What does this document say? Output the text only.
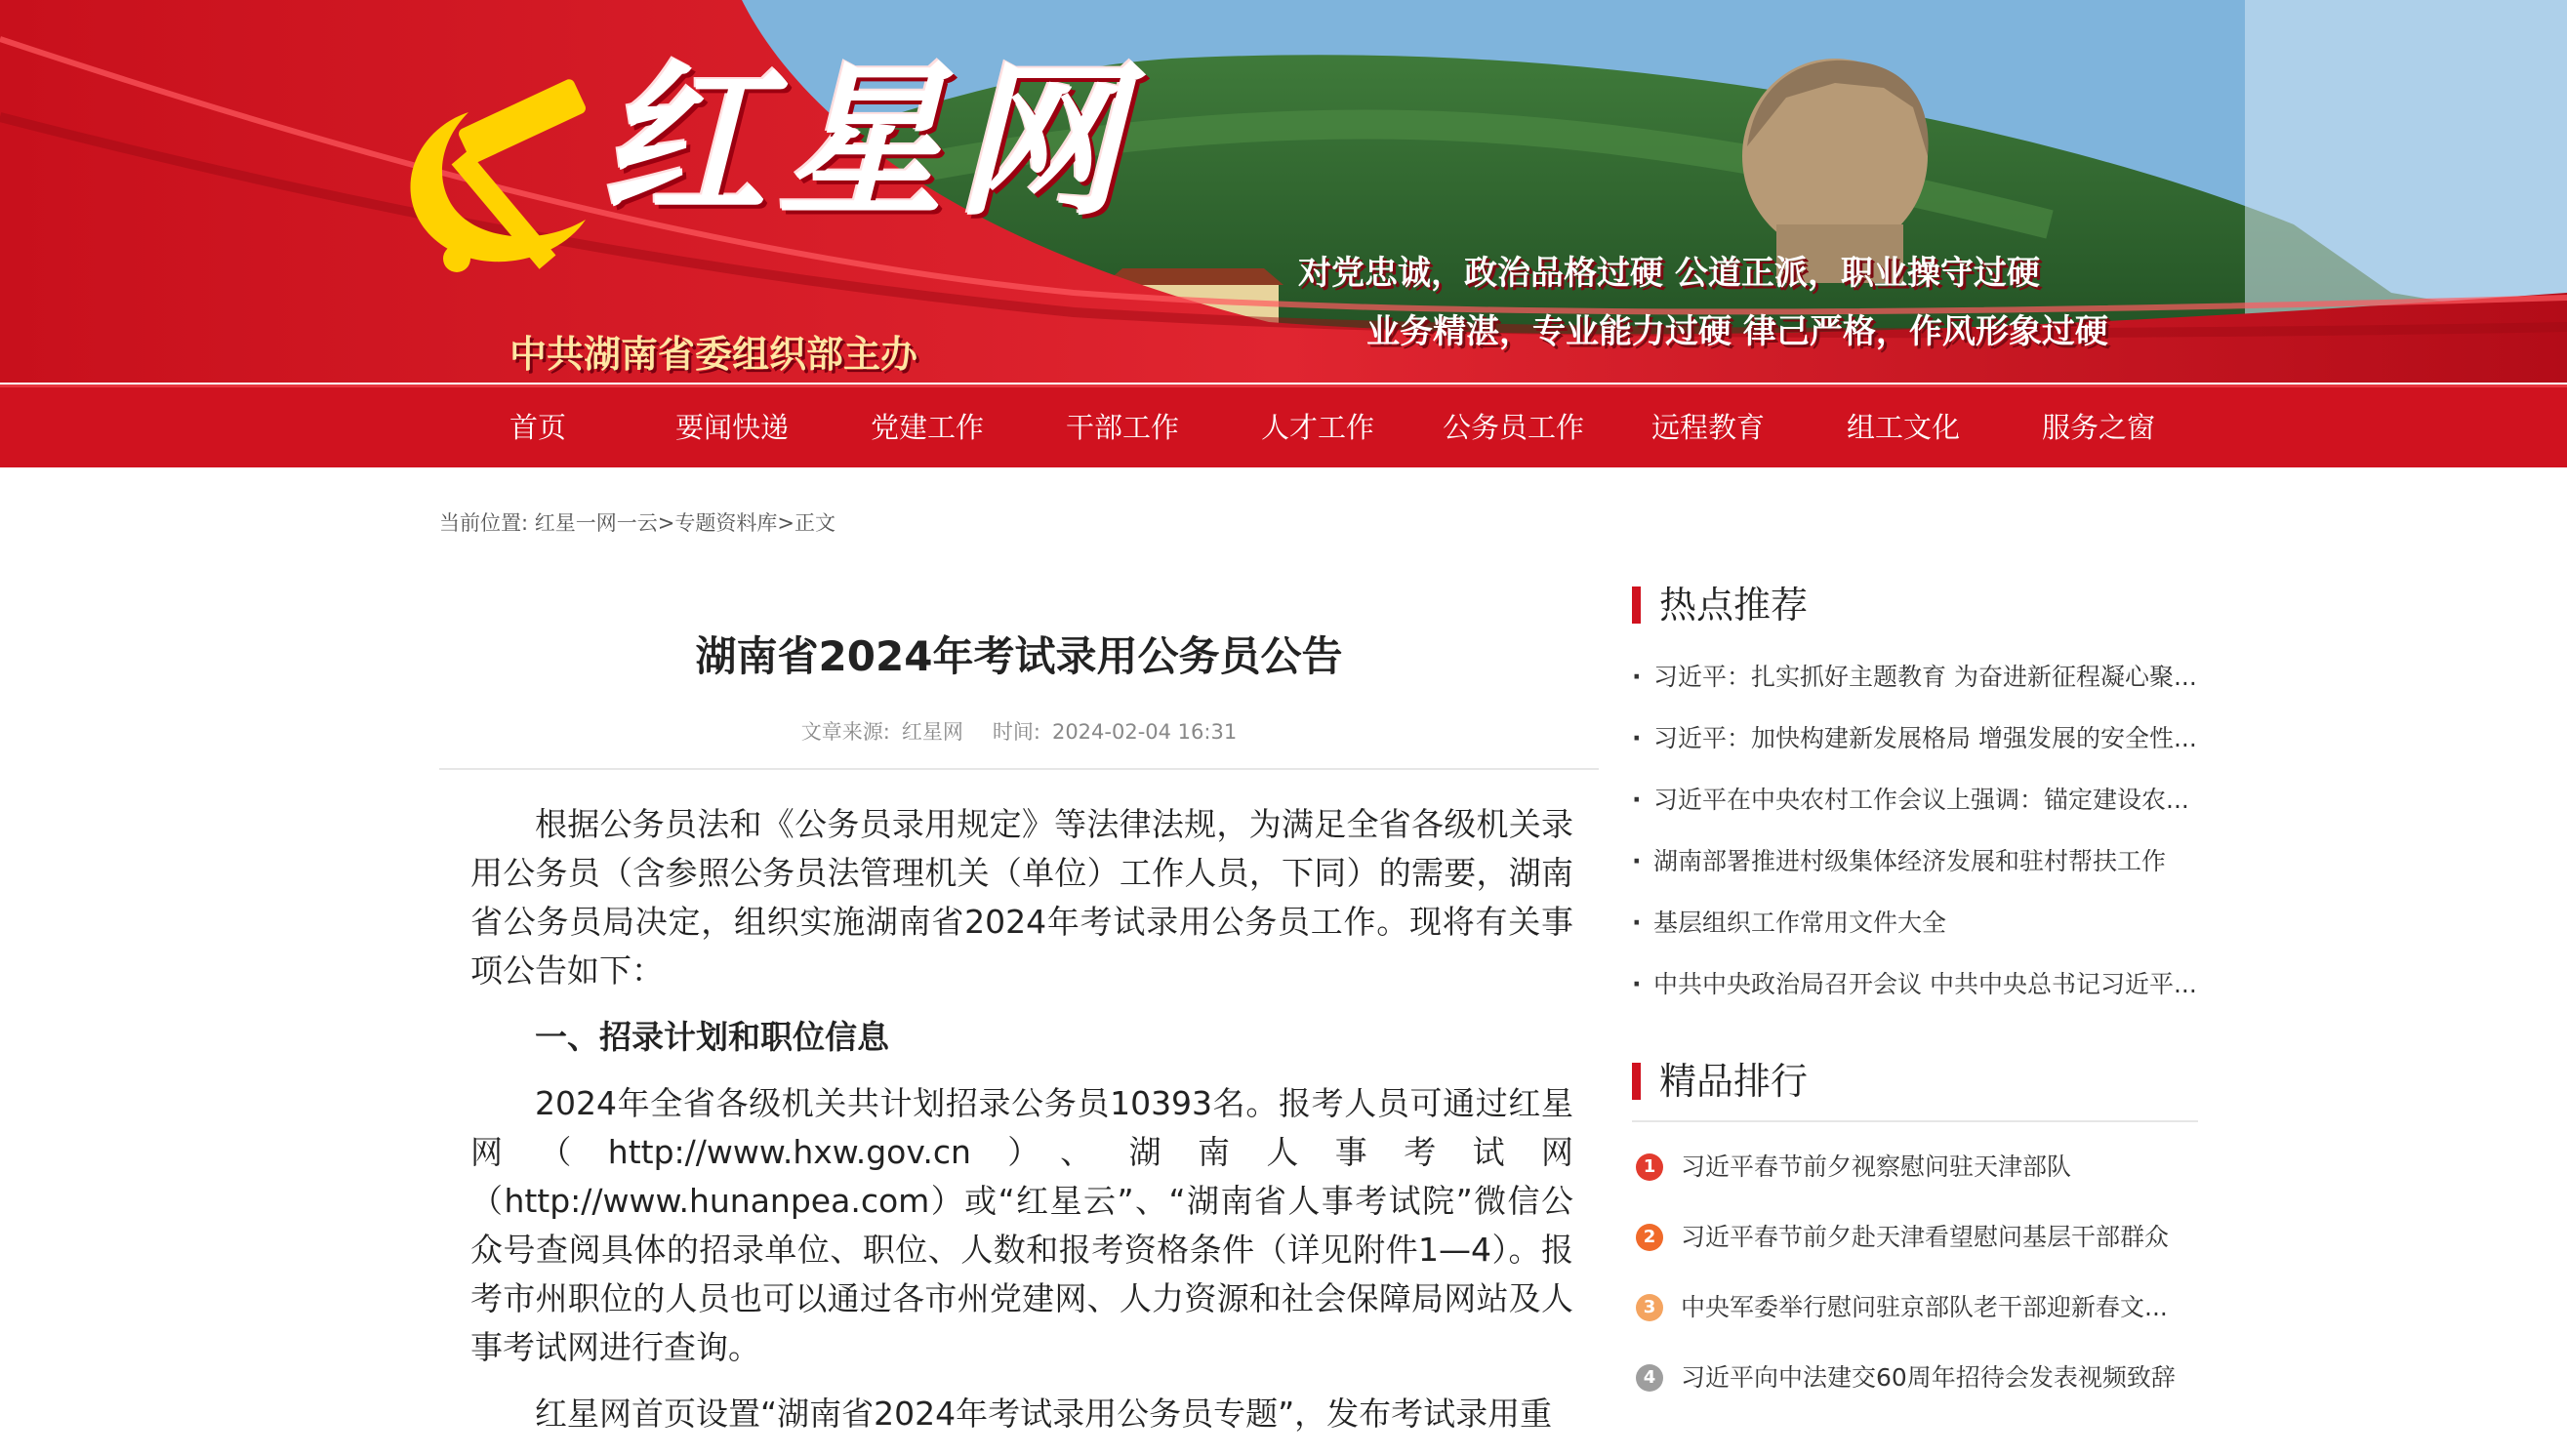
红星网
中共湖南省委组织部主办
对党忠诚，政治品格过硬 公道正派，职业操守过硬
业务精湛，专业能力过硬 律己严格，作风形象过硬
首页	要闻快递	党建工作	干部工作	人才工作 公务员工作 远程教育	组工文化	服务之窗
当前位置: 红星一网一云>专题资料库>正文
湖南省2024年考试录用公务员公告
文章来源: 红星网 时间: 2024-02-04 16:31

根据公务员法和《公务员录用规定》等法律法规，为满足全省各级机关录用公务员（含参照公务员法管理机关（单位）工作人员，下同）的需要，湖南省公务员局决定，组织实施湖南省2024年考试录用公务员工作。现将有关事项公告如下：

一、招录计划和职位信息

2024年全省各级机关共计划招录公务员10393名。报考人员可通过红星网（http://www.hxw.gov.cn）、湖南人事考试网（http://www.hunanpea.com）或“红星云”、“湖南省人事考试院”微信公众号查阅具体的招录单位、职位、人数和报考资格条件（详见附件1—4）。报考市州职位的人员也可以通过各市州党建网、人力资源和社会保障局网站及人事考试网进行查询。

红星网首页设置“湖南省2024年考试录用公务员专题”，发布考试录用重

热点推荐
· 习近平：扎实抓好主题教育 为奋进新征程凝心聚...
· 习近平：加快构建新发展格局 增强发展的安全性...
· 习近平在中央农村工作会议上强调：锚定建设农...
· 湖南部署推进村级集体经济发展和驻村帮扶工作
· 基层组织工作常用文件大全
· 中共中央政治局召开会议 中共中央总书记习近平...
精品排行
1	习近平春节前夕视察慰问驻天津部队
2	习近平春节前夕赴天津看望慰问基层干部群众
3	中央军委举行慰问驻京部队老干部迎新春文...
4	习近平向中法建交60周年招待会发表视频致辞
